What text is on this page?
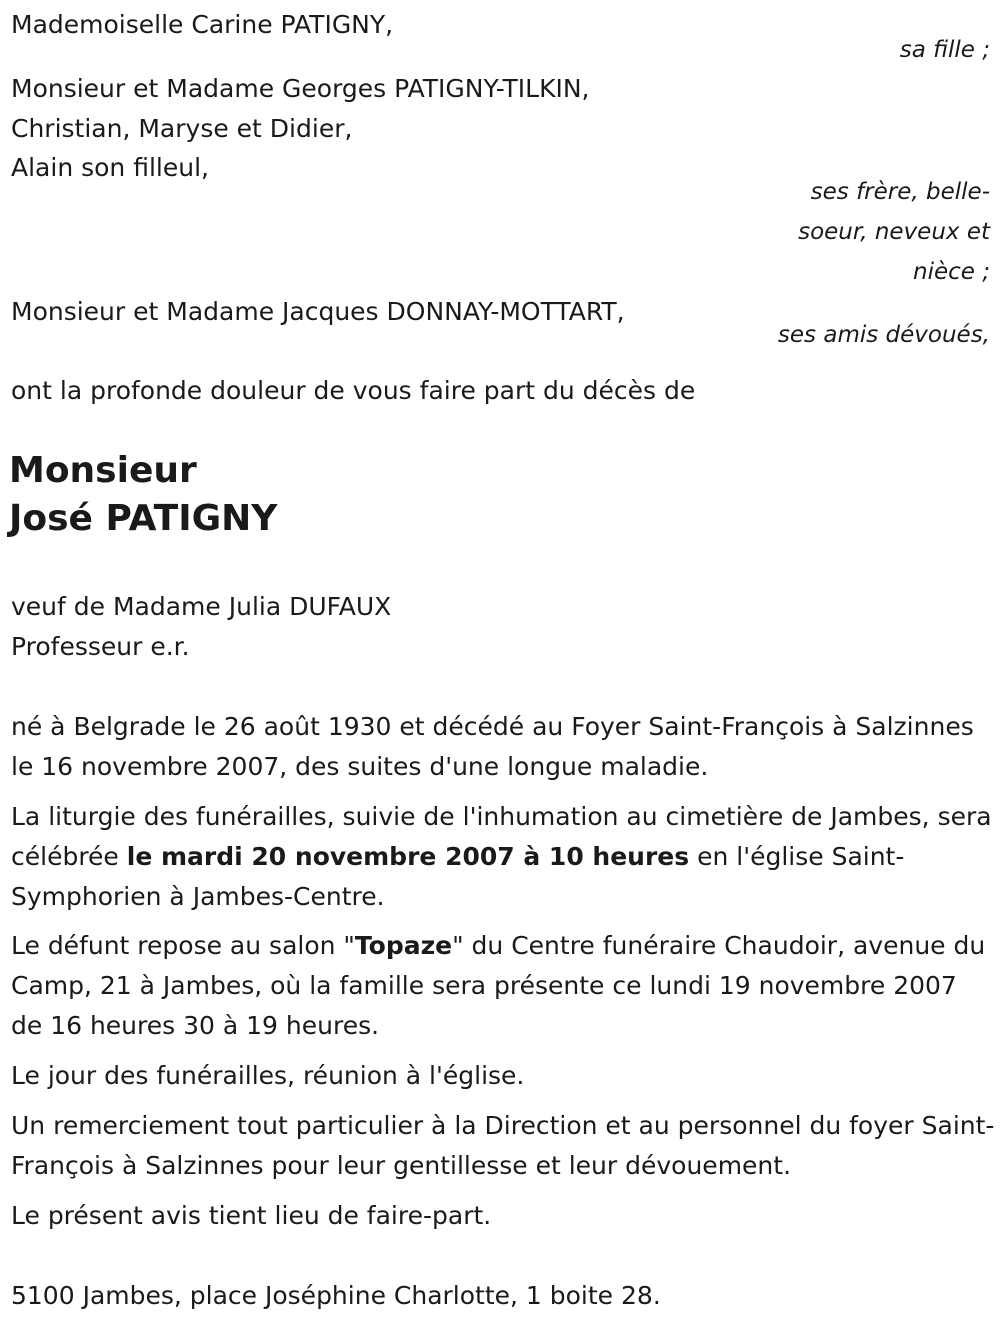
Mademoiselle Carine PATIGNY,
sa fille ;
Monsieur et Madame Georges PATIGNY-TILKIN,
Christian, Maryse et Didier,
Alain son filleul,
ses frère, belle-
soeur, neveux et
nièce ;
Monsieur et Madame Jacques DONNAY-MOTTART,
ses amis dévoués,
ont la profonde douleur de vous faire part du décès de
Monsieur
José PATIGNY
veuf de Madame Julia DUFAUX
Professeur e.r.
né à Belgrade le 26 août 1930 et décédé au Foyer Saint-François à Salzinnes le 16 novembre 2007, des suites d'une longue maladie.
La liturgie des funérailles, suivie de l'inhumation au cimetière de Jambes, sera célébrée le mardi 20 novembre 2007 à 10 heures en l'église Saint-Symphorien à Jambes-Centre.
Le défunt repose au salon "Topaze" du Centre funéraire Chaudoir, avenue du Camp, 21 à Jambes, où la famille sera présente ce lundi 19 novembre 2007 de 16 heures 30 à 19 heures.
Le jour des funérailles, réunion à l'église.
Un remerciement tout particulier à la Direction et au personnel du foyer Saint-François à Salzinnes pour leur gentillesse et leur dévouement.
Le présent avis tient lieu de faire-part.
5100 Jambes, place Joséphine Charlotte, 1 boite 28.
